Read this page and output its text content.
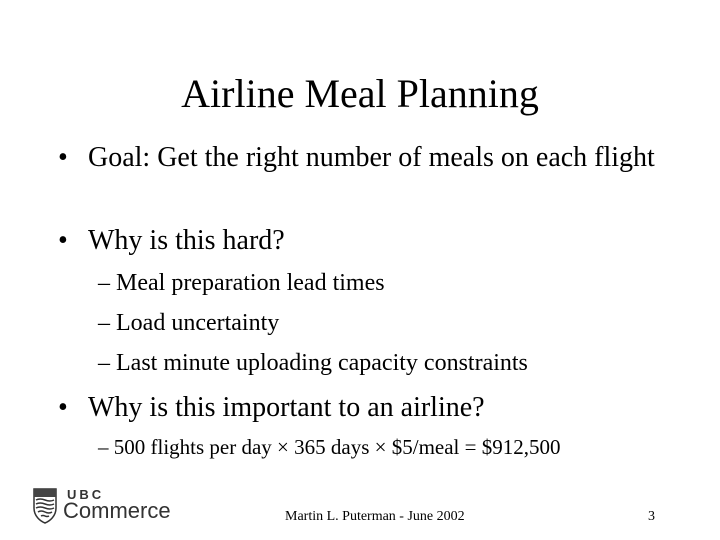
Airline Meal Planning
• Goal: Get the right number of meals on each flight
• Why is this hard?
– Meal preparation lead times
– Load uncertainty
– Last minute uploading capacity constraints
• Why is this important to an airline?
– 500 flights per day × 365 days × $5/meal = $912,500
UBC
Commerce	Martin L. Puterman - June 2002	3
